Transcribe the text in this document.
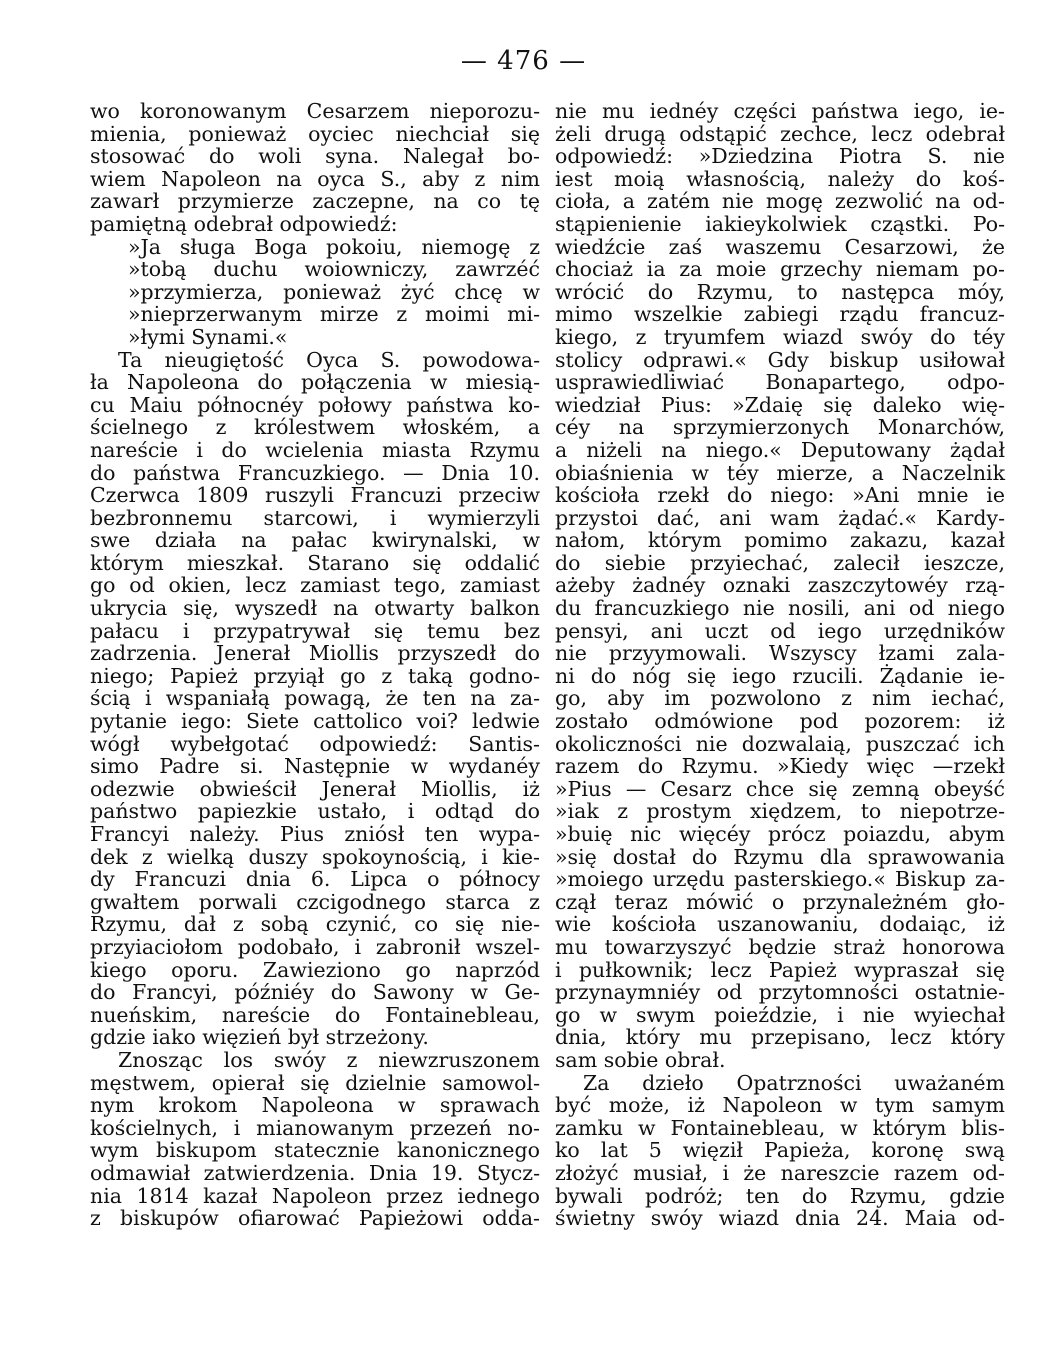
— 476 —
wo koronowanym Cesarzem nieporozu-
mienia, ponieważ oyciec niechciał się
stosować do woli syna. Nalegał bo-
wiem Napoleon na oyca S., aby z nim
zawarł przymierze zaczepne, na co tę
pamiętną odebrał odpowiedź:
»Ja sługa Boga pokoiu, niemogę z
»tobą duchu woiowniczy, zawrzéć
»przymierza, ponieważ żyć chcę w
»nieprzerwanym mirze z moimi mi-
»łymi Synami.«
Ta nieugiętość Oyca S. powodowa-
ła Napoleona do połączenia w miesią-
cu Maiu północnéy połowy państwa ko-
ścielnego z królestwem włoském, a
nareście i do wcielenia miasta Rzymu
do państwa Francuzkiego. — Dnia 10.
Czerwca 1809 ruszyli Francuzi przeciw
bezbronnemu starcowi, i wymierzyli
swe działa na pałac kwirynalski, w
którym mieszkał. Starano się oddalić
go od okien, lecz zamiast tego, zamiast
ukrycia się, wyszedł na otwarty balkon
pałacu i przypatrywał się temu bez
zadrzenia. Jenerał Miollis przyszedł do
niego; Papież przyiął go z taką godno-
ścią i wspaniałą powagą, że ten na za-
pytanie iego: Siete cattolico voi? ledwie
wógł wybełgotać odpowiedź: Santis-
simo Padre si. Następnie w wydanéy
odezwie obwieścił Jenerał Miollis, iż
państwo papiezkie ustało, i odtąd do
Francyi należy. Pius zniósł ten wypa-
dek z wielką duszy spokoynością, i kie-
dy Francuzi dnia 6. Lipca o północy
gwałtem porwali czcigodnego starca z
Rzymu, dał z sobą czynić, co się nie-
przyiaciołom podobało, i zabronił wszel-
kiego oporu. Zawieziono go naprzód
do Francyi, późniéy do Sawony w Ge-
nueńskim, nareście do Fontainebleau,
gdzie iako więzień był strzeżony.
Znosząc los swóy z niewzruszonem
męstwem, opierał się dzielnie samowol-
nym krokom Napoleona w sprawach
kościelnych, i mianowanym przezeń no-
wym biskupom statecznie kanonicznego
odmawiał zatwierdzenia. Dnia 19. Stycz-
nia 1814 kazał Napoleon przez iednego
z biskupów ofiarować Papieżowi odda-
nie mu iednéy części państwa iego, ie-
żeli drugą odstąpić zechce, lecz odebrał
odpowiedź: »Dziedzina Piotra S. nie
iest moią własnością, należy do koś-
cioła, a zatém nie mogę zezwolić na od-
stąpienienie iakieykolwiek cząstki. Po-
wiedźcie zaś waszemu Cesarzowi, że
chociaż ia za moie grzechy niemam po-
wrócić do Rzymu, to następca móy,
mimo wszelkie zabiegi rządu francuz-
kiego, z tryumfem wiazd swóy do téy
stolicy odprawi.« Gdy biskup usiłował
usprawiedliwiać Bonapartego, odpo-
wiedział Pius: »Zdaię się daleko wię-
céy na sprzymierzonych Monarchów,
a niżeli na niego.« Deputowany żądał
obiaśnienia w téy mierze, a Naczelnik
kościoła rzekł do niego: »Ani mnie ie
przystoi dać, ani wam żądać.« Kardy-
nałom, którym pomimo zakazu, kazał
do siebie przyiechać, zalecił ieszcze,
ażeby żadnéy oznaki zaszczytowéy rzą-
du francuzkiego nie nosili, ani od niego
pensyi, ani uczt od iego urzędników
nie przyymowali. Wszyscy łzami zala-
ni do nóg się iego rzucili. Żądanie ie-
go, aby im pozwolono z nim iechać,
zostało odmówione pod pozorem: iż
okoliczności nie dozwalaią, puszczać ich
razem do Rzymu. »Kiedy więc —rzekł
»Pius — Cesarz chce się zemną obeyść
»iak z prostym xiędzem, to niepotrze-
»buię nic więcéy prócz poiazdu, abym
»się dostał do Rzymu dla sprawowania
»moiego urzędu pasterskiego.« Biskup za-
czął teraz mówić o przynależném gło-
wie kościoła uszanowaniu, dodaiąc, iż
mu towarzyszyć będzie straż honorowa
i pułkownik; lecz Papież wypraszał się
przynaymniéy od przytomności ostatnie-
go w swym poieździe, i nie wyiechał
dnia, który mu przepisano, lecz który
sam sobie obrał.
Za dzieło Opatrzności uważaném
być może, iż Napoleon w tym samym
zamku w Fontainebleau, w którym blis-
ko lat 5 więził Papieża, koronę swą
złożyć musiał, i że nareszcie razem od-
bywali podróż; ten do Rzymu, gdzie
świetny swóy wiazd dnia 24. Maia od-
